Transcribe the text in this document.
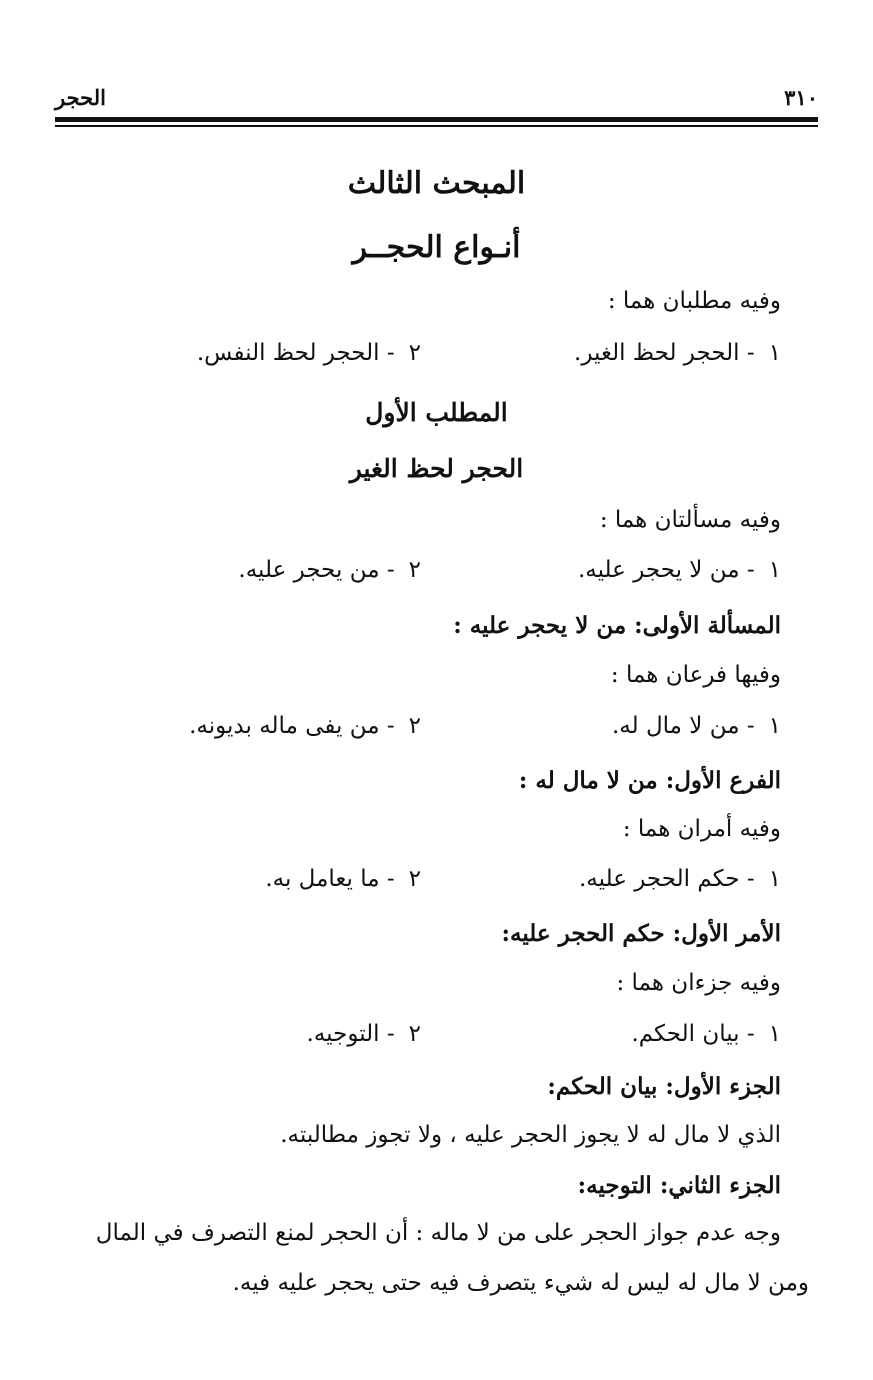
٣١٠
الحجر
المبحث الثالث
أنـواع الحجــر
وفيه مطلبان هما :
١- الحجر لحظ الغير.
٢- الحجر لحظ النفس.
المطلب الأول
الحجر لحظ الغير
وفيه مسألتان هما :
١- من لا يحجر عليه.
٢- من يحجر عليه.
المسألة الأولى: من لا يحجر عليه :
وفيها فرعان هما :
١- من لا مال له.
٢- من يفى ماله بديونه.
الفرع الأول: من لا مال له :
وفيه أمران هما :
١- حكم الحجر عليه.
٢- ما يعامل به.
الأمر الأول: حكم الحجر عليه:
وفيه جزءان هما :
١- بيان الحكم.
٢- التوجيه.
الجزء الأول: بيان الحكم:
الذي لا مال له لا يجوز الحجر عليه ، ولا تجوز مطالبته.
الجزء الثاني: التوجيه:
وجه عدم جواز الحجر على من لا ماله : أن الحجر لمنع التصرف في المال
ومن لا مال له ليس له شيء يتصرف فيه حتى يحجر عليه فيه.
